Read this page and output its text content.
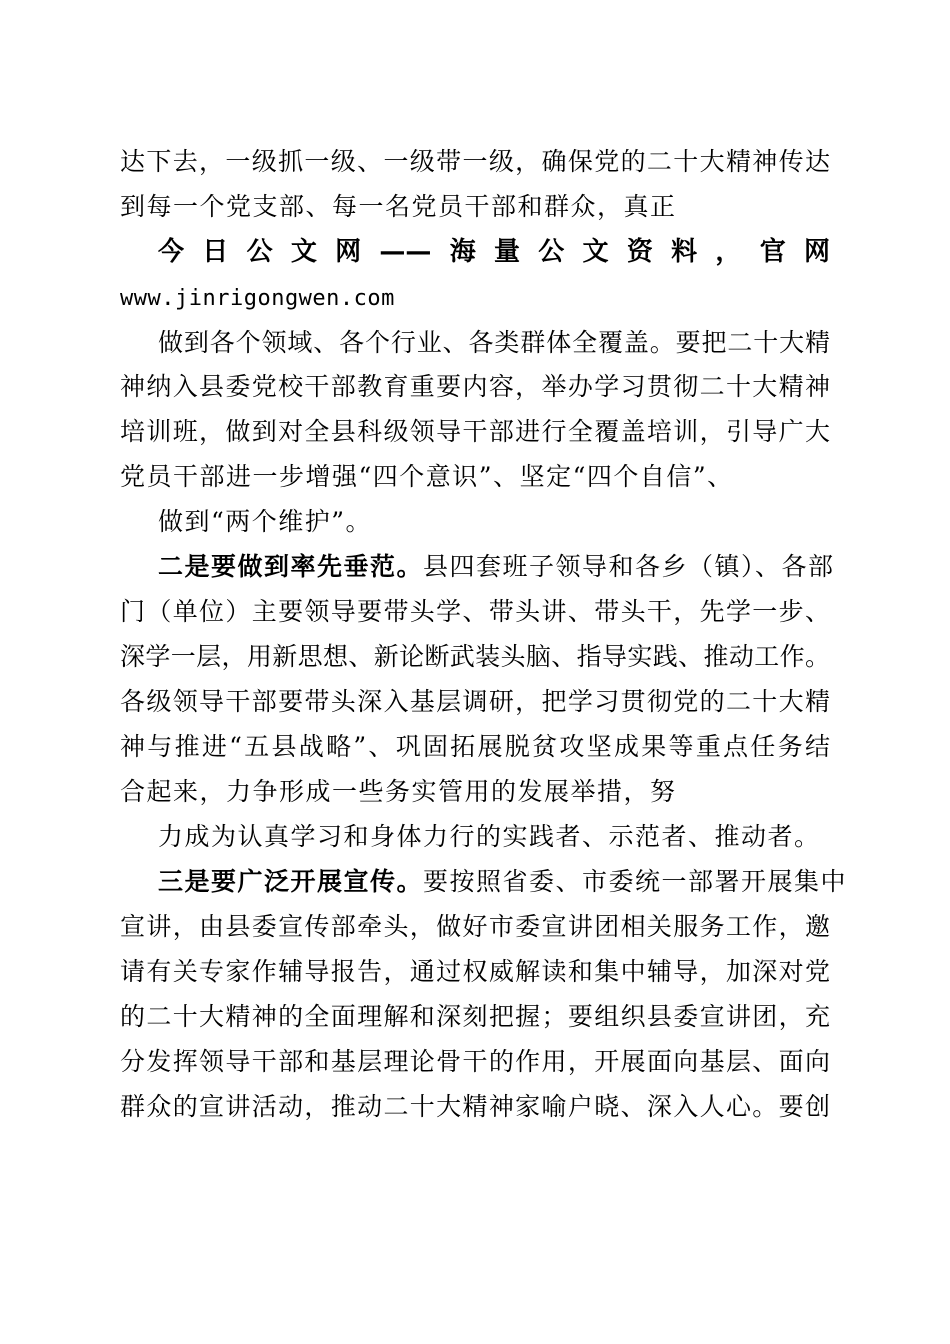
达下去，一级抓一级、一级带一级，确保党的二十大精神传达
到每一个党支部、每一名党员干部和群众，真正
今日公文网——海量公文资料，官网
www.jinrigongwen.com
做到各个领域、各个行业、各类群体全覆盖。要把二十大精
神纳入县委党校干部教育重要内容，举办学习贯彻二十大精神
培训班，做到对全县科级领导干部进行全覆盖培训，引导广大
党员干部进一步增强“四个意识”、坚定“四个自信”、
做到“两个维护”。
二是要做到率先垂范。县四套班子领导和各乡（镇）、各部
门（单位）主要领导要带头学、带头讲、带头干，先学一步、
深学一层，用新思想、新论断武装头脑、指导实践、推动工作。
各级领导干部要带头深入基层调研，把学习贯彻党的二十大精
神与推进“五县战略”、巩固拓展脱贫攻坚成果等重点任务结
合起来，力争形成一些务实管用的发展举措，努
力成为认真学习和身体力行的实践者、示范者、推动者。
三是要广泛开展宣传。要按照省委、市委统一部署开展集中
宣讲，由县委宣传部牵头，做好市委宣讲团相关服务工作，邀
请有关专家作辅导报告，通过权威解读和集中辅导，加深对党
的二十大精神的全面理解和深刻把握；要组织县委宣讲团，充
分发挥领导干部和基层理论骨干的作用，开展面向基层、面向
群众的宣讲活动，推动二十大精神家喻户晓、深入人心。要创
